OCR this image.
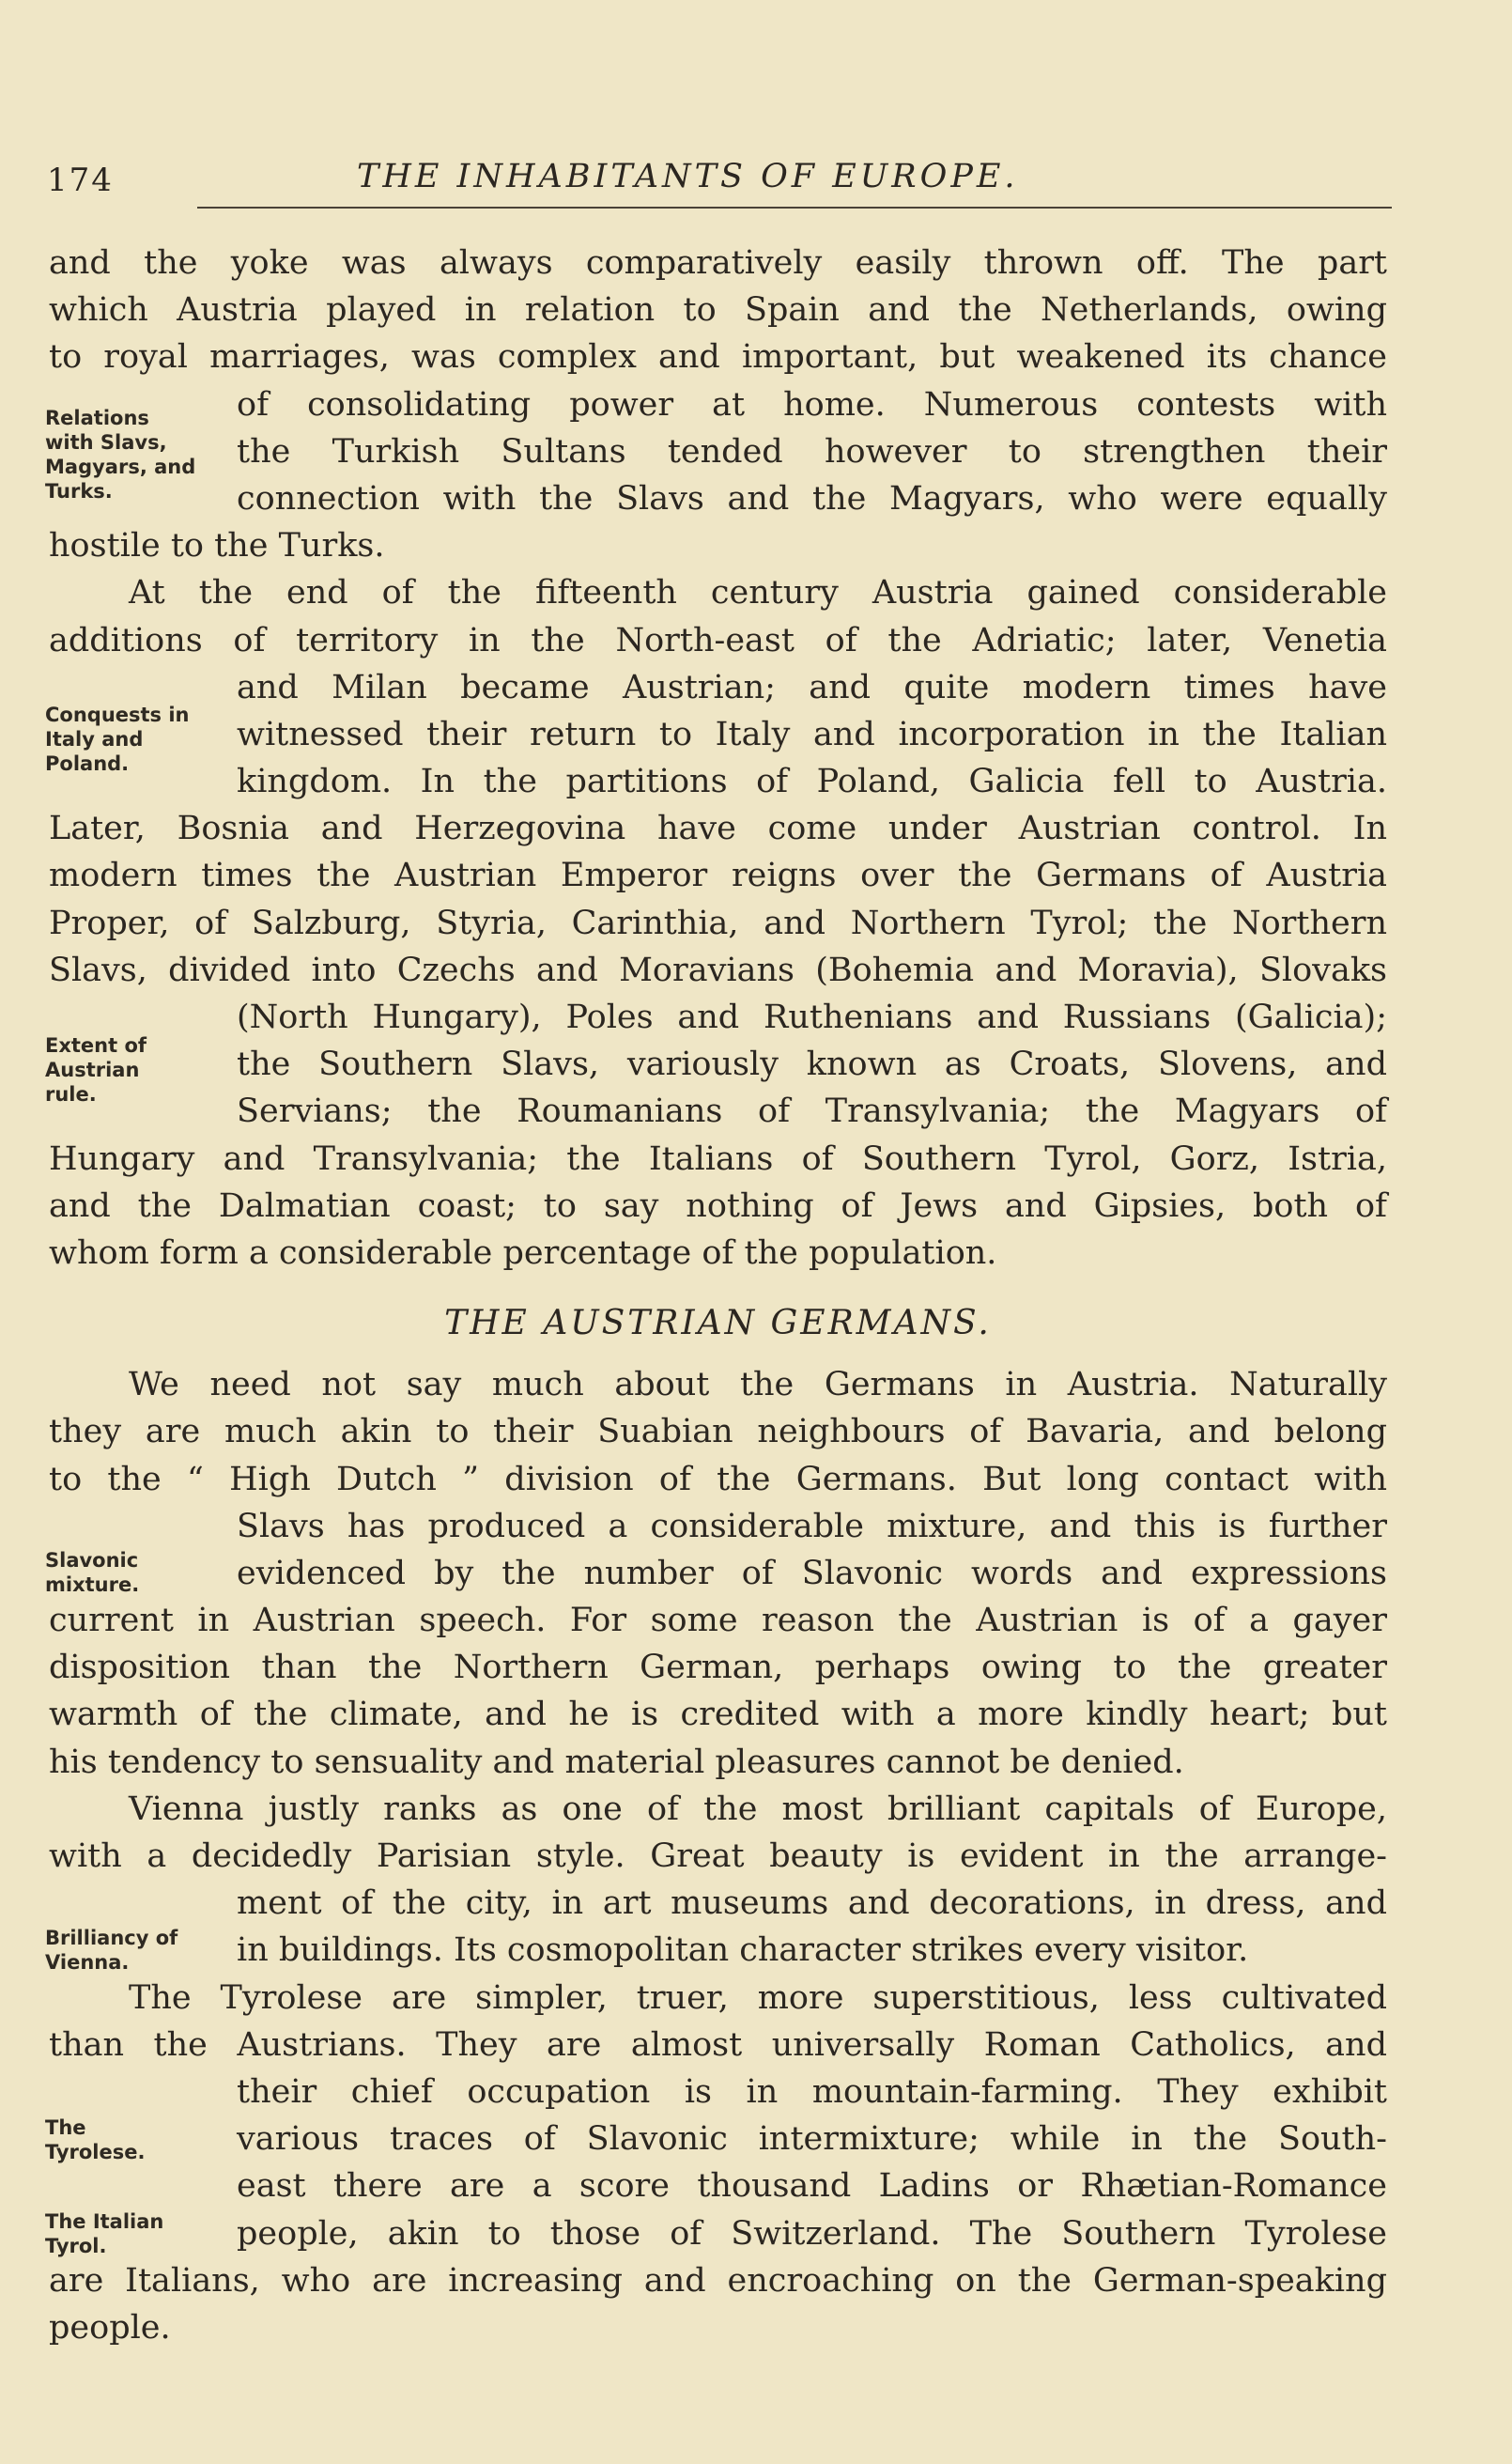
174	THE INHABITANTS OF EUROPE.
and the yoke was always comparatively easily thrown off. The part
which Austria played in relation to Spain and the Netherlands, owing
to royal marriages, was complex and important, but weakened its chance
of consolidating power at home. Numerous contests with
the Turkish Sultans tended however to strengthen their
connection with the Slavs and the Magyars, who were equally
hostile to the Turks.
At the end of the fifteenth century Austria gained considerable
additions of territory in the North-east of the Adriatic; later, Venetia
and Milan became Austrian; and quite modern times have
witnessed their return to Italy and incorporation in the Italian
kingdom. In the partitions of Poland, Galicia fell to Austria.
Later, Bosnia and Herzegovina have come under Austrian control. In
modern times the Austrian Emperor reigns over the Germans of Austria
Proper, of Salzburg, Styria, Carinthia, and Northern Tyrol; the Northern
Slavs, divided into Czechs and Moravians (Bohemia and Moravia), Slovaks
(North Hungary), Poles and Ruthenians and Russians (Galicia);
the Southern Slavs, variously known as Croats, Slovens, and
Servians; the Roumanians of Transylvania; the Magyars of
Hungary and Transylvania; the Italians of Southern Tyrol, Gorz, Istria,
and the Dalmatian coast; to say nothing of Jews and Gipsies, both of
whom form a considerable percentage of the population.
THE AUSTRIAN GERMANS.
We need not say much about the Germans in Austria. Naturally
they are much akin to their Suabian neighbours of Bavaria, and belong
to the “ High Dutch ” division of the Germans. But long contact with
Slavs has produced a considerable mixture, and this is further
evidenced by the number of Slavonic words and expressions
current in Austrian speech. For some reason the Austrian is of a gayer
disposition than the Northern German, perhaps owing to the greater
warmth of the climate, and he is credited with a more kindly heart; but
his tendency to sensuality and material pleasures cannot be denied.
Vienna justly ranks as one of the most brilliant capitals of Europe,
with a decidedly Parisian style. Great beauty is evident in the arrange-
ment of the city, in art museums and decorations, in dress, and
in buildings. Its cosmopolitan character strikes every visitor.
The Tyrolese are simpler, truer, more superstitious, less cultivated
than the Austrians. They are almost universally Roman Catholics, and
their chief occupation is in mountain-farming. They exhibit
various traces of Slavonic intermixture; while in the South-
east there are a score thousand Ladins or Rhætian-Romance
people, akin to those of Switzerland. The Southern Tyrolese
are Italians, who are increasing and encroaching on the German-speaking
people.
Relations
with Slavs,
Magyars, and
Turks.
Conquests in
Italy and
Poland.
Extent of
Austrian
rule.
Slavonic
mixture.
Brilliancy of
Vienna.
The
Tyrolese.
The Italian
Tyrol.
